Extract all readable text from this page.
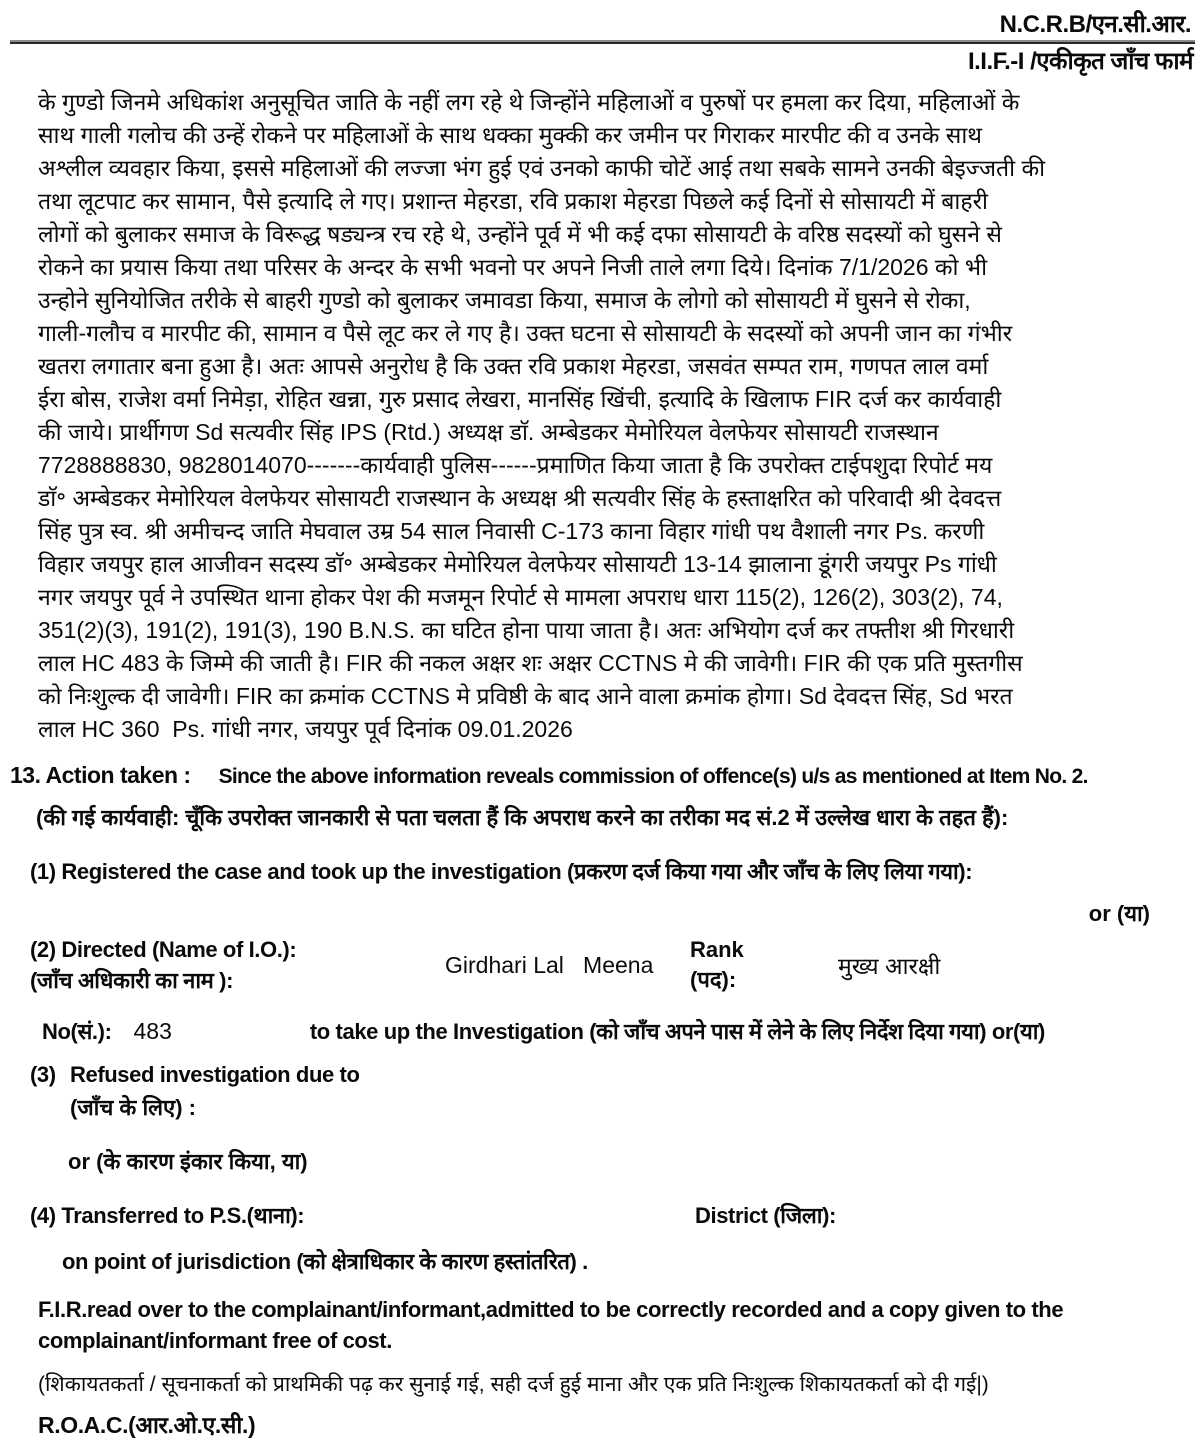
N.C.R.B/एन.सी.आर.
I.I.F.-I /एकीकृत जाँच फार्म
के गुण्डो जिनमे अधिकांश अनुसूचित जाति के नहीं लग रहे थे जिन्होंने महिलाओं व पुरुषों पर हमला कर दिया, महिलाओं के
साथ गाली गलोच की उन्हें रोकने पर महिलाओं के साथ धक्का मुक्की कर जमीन पर गिराकर मारपीट की व उनके साथ
अश्लील व्यवहार किया, इससे महिलाओं की लज्जा भंग हुई एवं उनको काफी चोटें आई तथा सबके सामने उनकी बेइज्जती की
तथा लूटपाट कर सामान, पैसे इत्यादि ले गए। प्रशान्त मेहरडा, रवि प्रकाश मेहरडा पिछले कई दिनों से सोसायटी में बाहरी
लोगों को बुलाकर समाज के विरूद्ध षड्यन्त्र रच रहे थे, उन्होंने पूर्व में भी कई दफा सोसायटी के वरिष्ठ सदस्यों को घुसने से
रोकने का प्रयास किया तथा परिसर के अन्दर के सभी भवनो पर अपने निजी ताले लगा दिये। दिनांक 7/1/2026 को भी
उन्होने सुनियोजित तरीके से बाहरी गुण्डो को बुलाकर जमावडा किया, समाज के लोगो को सोसायटी में घुसने से रोका,
गाली-गलौच व मारपीट की, सामान व पैसे लूट कर ले गए है। उक्त घटना से सोसायटी के सदस्यों को अपनी जान का गंभीर
खतरा लगातार बना हुआ है। अतः आपसे अनुरोध है कि उक्त रवि प्रकाश मेहरडा, जसवंत सम्पत राम, गणपत लाल वर्मा
ईरा बोस, राजेश वर्मा निमेड़ा, रोहित खन्ना, गुरु प्रसाद लेखरा, मानसिंह खिंची, इत्यादि के खिलाफ FIR दर्ज कर कार्यवाही
की जाये। प्रार्थीगण Sd सत्यवीर सिंह IPS (Rtd.) अध्यक्ष डाॅ. अम्बेडकर मेमोरियल वेलफेयर सोसायटी राजस्थान
7728888830, 9828014070-------कार्यवाही पुलिस------प्रमाणित किया जाता है कि उपरोक्त टाईपशुदा रिपोर्ट मय
डाॅ॰ अम्बेडकर मेमोरियल वेलफेयर सोसायटी राजस्थान के अध्यक्ष श्री सत्यवीर सिंह के हस्ताक्षरित को परिवादी श्री देवदत्त
सिंह पुत्र स्व. श्री अमीचन्द जाति मेघवाल उम्र 54 साल निवासी C-173 काना विहार गांधी पथ वैशाली नगर Ps. करणी
विहार जयपुर हाल आजीवन सदस्य डाॅ॰ अम्बेडकर मेमोरियल वेलफेयर सोसायटी 13-14 झालाना डूंगरी जयपुर Ps गांधी
नगर जयपुर पूर्व ने उपस्थित थाना होकर पेश की मजमून रिपोर्ट से मामला अपराध धारा 115(2), 126(2), 303(2), 74,
351(2)(3), 191(2), 191(3), 190 B.N.S. का घटित होना पाया जाता है। अतः अभियोग दर्ज कर तफ्तीश श्री गिरधारी
लाल HC 483 के जिम्मे की जाती है। FIR की नकल अक्षर शः अक्षर CCTNS मे की जावेगी। FIR की एक प्रति मुस्तगीस
को निःशुल्क दी जावेगी। FIR का क्रमांक CCTNS मे प्रविष्ठी के बाद आने वाला क्रमांक होगा। Sd देवदत्त सिंह, Sd भरत
लाल HC 360  Ps. गांधी नगर, जयपुर पूर्व दिनांक 09.01.2026
13. Action taken : Since the above information reveals commission of offence(s) u/s as mentioned at Item No. 2.
(की गई कार्यवाही: चूँकि उपरोक्त जानकारी से पता चलता हैं कि अपराध करने का तरीका मद सं.2 में उल्लेख धारा के तहत हैं):
(1) Registered the case and took up the investigation (प्रकरण दर्ज किया गया और जाँच के लिए लिया गया):
or (या)
(2) Directed (Name of I.O.):
(जाँच अधिकारी का नाम ):
Girdhari Lal   Meena
Rank
(पद):
मुख्य आरक्षी
No(सं.): 483	to take up the Investigation (को जाँच अपने पास में लेने के लिए निर्देश दिया गया) or(या)
(3) Refused investigation due to
(जाँच के लिए) :
or (के कारण इंकार किया, या)
(4) Transferred to P.S.(थाना):	District (जिला):
on point of jurisdiction (को क्षेत्राधिकार के कारण हस्तांतरित) .
F.I.R.read over to the complainant/informant,admitted to be correctly recorded and a copy given to the complainant/informant free of cost.
(शिकायतकर्ता / सूचनाकर्ता को प्राथमिकी पढ़ कर सुनाई गई, सही दर्ज हुई माना और एक प्रति निःशुल्क शिकायतकर्ता को दी गई|)
R.O.A.C.(आर.ओ.ए.सी.)
